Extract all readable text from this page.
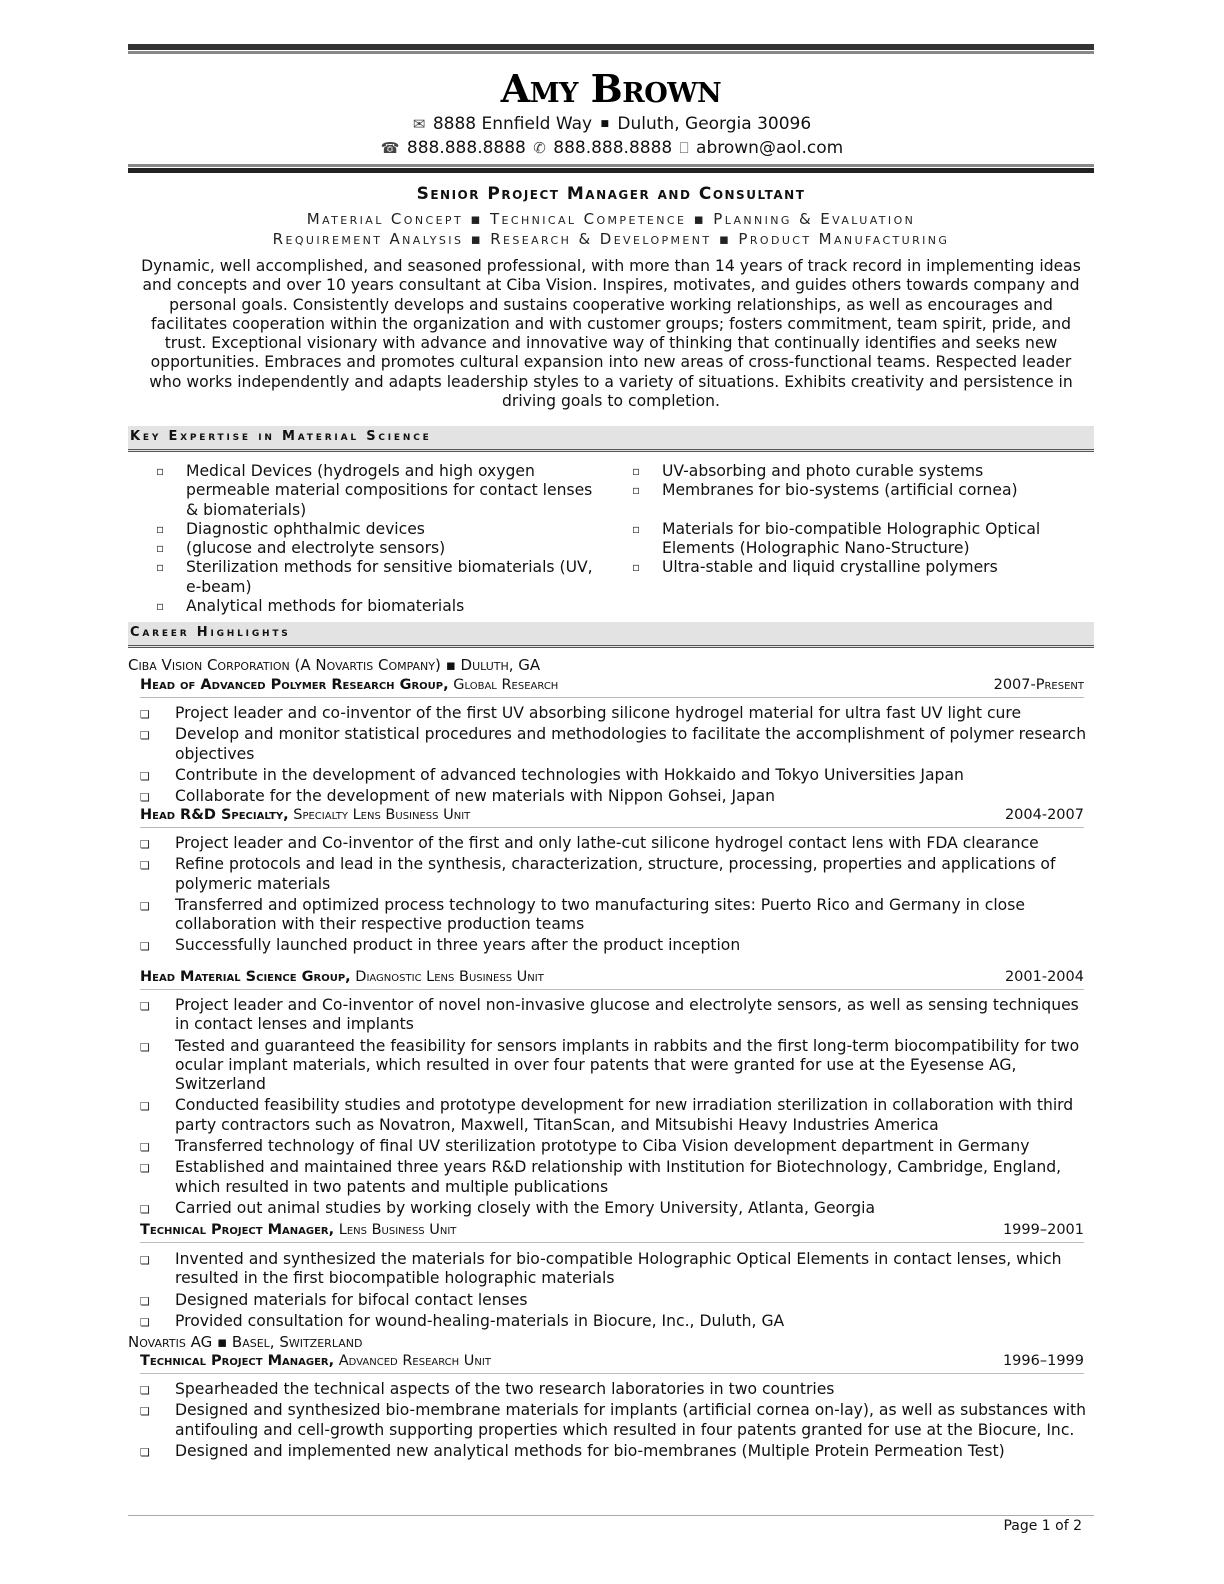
Amy Brown
✉ 8888 Ennfield Way ■ Duluth, Georgia 30096
☎ 888.888.8888 ✆ 888.888.8888 ⎕ abrown@aol.com
Senior Project Manager and Consultant
Material Concept ▪ Technical Competence ▪ Planning & Evaluation
Requirement Analysis ▪ Research & Development ▪ Product Manufacturing
Dynamic, well accomplished, and seasoned professional, with more than 14 years of track record in implementing ideas and concepts and over 10 years consultant at Ciba Vision. Inspires, motivates, and guides others towards company and personal goals. Consistently develops and sustains cooperative working relationships, as well as encourages and facilitates cooperation within the organization and with customer groups; fosters commitment, team spirit, pride, and trust. Exceptional visionary with advance and innovative way of thinking that continually identifies and seeks new opportunities. Embraces and promotes cultural expansion into new areas of cross-functional teams. Respected leader who works independently and adapts leadership styles to a variety of situations. Exhibits creativity and persistence in driving goals to completion.
Key Expertise in Material Science
▫ Medical Devices (hydrogels and high oxygen permeable material compositions for contact lenses & biomaterials)
▫ Diagnostic ophthalmic devices
▫ (glucose and electrolyte sensors)
▫ Sterilization methods for sensitive biomaterials (UV, e-beam)
▫ Analytical methods for biomaterials
▫ UV-absorbing and photo curable systems
▫ Membranes for bio-systems (artificial cornea)
▫ Materials for bio-compatible Holographic Optical Elements (Holographic Nano-Structure)
▫ Ultra-stable and liquid crystalline polymers
Career Highlights
Ciba Vision Corporation (A Novartis Company) ▪ Duluth, GA
Head of Advanced Polymer Research Group, Global Research	2007-Present
❏ Project leader and co-inventor of the first UV absorbing silicone hydrogel material for ultra fast UV light cure
❏ Develop and monitor statistical procedures and methodologies to facilitate the accomplishment of polymer research objectives
❏ Contribute in the development of advanced technologies with Hokkaido and Tokyo Universities Japan
❏ Collaborate for the development of new materials with Nippon Gohsei, Japan
Head R&D Specialty, Specialty Lens Business Unit	2004-2007
❏ Project leader and Co-inventor of the first and only lathe-cut silicone hydrogel contact lens with FDA clearance
❏ Refine protocols and lead in the synthesis, characterization, structure, processing, properties and applications of polymeric materials
❏ Transferred and optimized process technology to two manufacturing sites: Puerto Rico and Germany in close collaboration with their respective production teams
❏ Successfully launched product in three years after the product inception
Head Material Science Group, Diagnostic Lens Business Unit	2001-2004
❏ Project leader and Co-inventor of novel non-invasive glucose and electrolyte sensors, as well as sensing techniques in contact lenses and implants
❏ Tested and guaranteed the feasibility for sensors implants in rabbits and the first long-term biocompatibility for two ocular implant materials, which resulted in over four patents that were granted for use at the Eyesense AG, Switzerland
❏ Conducted feasibility studies and prototype development for new irradiation sterilization in collaboration with third party contractors such as Novatron, Maxwell, TitanScan, and Mitsubishi Heavy Industries America
❏ Transferred technology of final UV sterilization prototype to Ciba Vision development department in Germany
❏ Established and maintained three years R&D relationship with Institution for Biotechnology, Cambridge, England, which resulted in two patents and multiple publications
❏ Carried out animal studies by working closely with the Emory University, Atlanta, Georgia
Technical Project Manager, Lens Business Unit	1999–2001
❏ Invented and synthesized the materials for bio-compatible Holographic Optical Elements in contact lenses, which resulted in the first biocompatible holographic materials
❏ Designed materials for bifocal contact lenses
❏ Provided consultation for wound-healing-materials in Biocure, Inc., Duluth, GA
Novartis AG ▪ Basel, Switzerland
Technical Project Manager, Advanced Research Unit	1996–1999
❏ Spearheaded the technical aspects of the two research laboratories in two countries
❏ Designed and synthesized bio-membrane materials for implants (artificial cornea on-lay), as well as substances with antifouling and cell-growth supporting properties which resulted in four patents granted for use at the Biocure, Inc.
❏ Designed and implemented new analytical methods for bio-membranes (Multiple Protein Permeation Test)
Page 1 of 2
